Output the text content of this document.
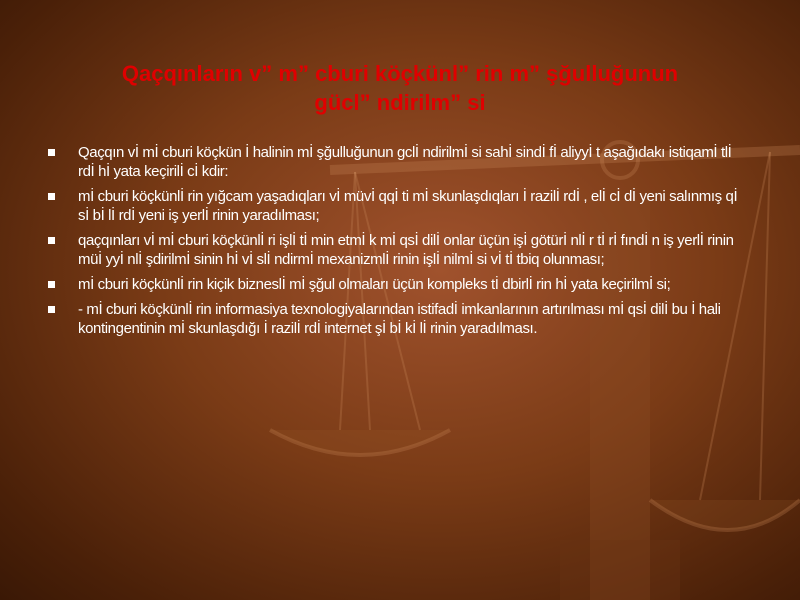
Qaçqınların v” m” cburi köçkünl” rin m” şğulluğunun
gücl” ndirilm” si
Qaçqın vİ mİ cburi köçkün İ halinin mİ şğulluğunun gclİ ndirilmİ si sahİ sindİ fİ aliyyİ t aşağıdakı istiqamİ tlİ rdİ hİ yata keçirilİ cİ kdir:
mİ cburi köçkünlİ rin yığcam yaşadıqları vİ müvİ qqİ ti mİ skunlaşdıqları İ razilİ rdİ , elİ cİ dİ yeni salınmış qİ sİ bİ lİ rdİ yeni iş yerlİ rinin yaradılması;
qaçqınları vİ mİ cburi köçkünlİ ri işlİ tİ min etmİ k mİ qsİ dilİ onlar üçün işİ götürİ nlİ r tİ rİ fındİ n iş yerlİ rinin müİ yyİ nlİ şdirilmİ sinin hİ vİ slİ ndirmİ mexanizmlİ rinin işlİ nilmİ si vİ tİ tbiq olunması;
mİ cburi köçkünlİ rin kiçik bizneslİ mİ şğul olmaları üçün kompleks tİ dbirlİ rin hİ yata keçirilmİ si;
- mİ cburi köçkünlİ rin informasiya texnologiyalarından istifadİ imkanlarının artırılması mİ qsİ dilİ bu İ hali kontingentinin mİ skunlaşdığı İ razilİ rdİ internet şİ bİ kİ lİ rinin yaradılması.
